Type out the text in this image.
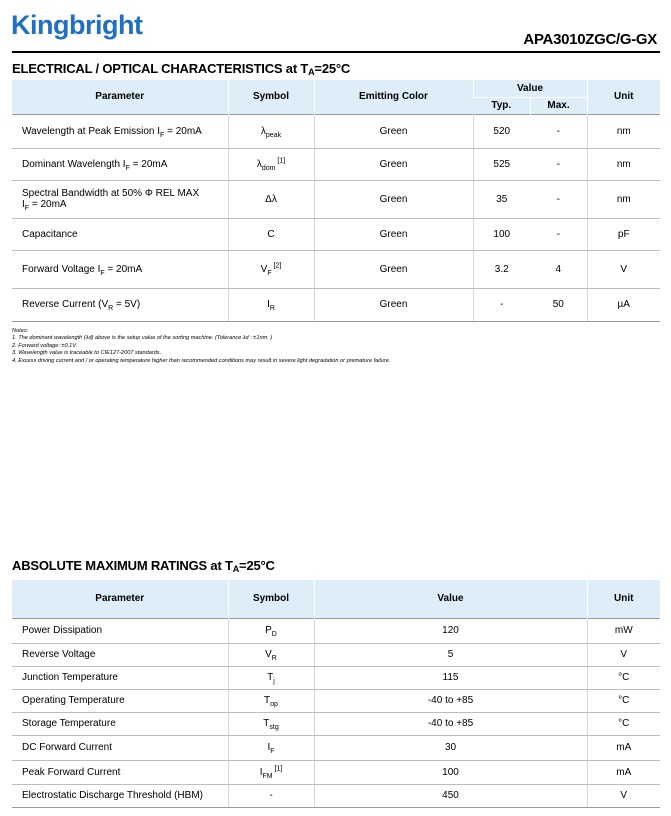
Kingbright	APA3010ZGC/G-GX
ELECTRICAL / OPTICAL CHARACTERISTICS at $T_A=25^\circ C$
Parameter	Symbol	Emitting Color	Value		Unit
			Typ.	Max.	
Wavelength at Peak Emission $I_F = 20mA$	$\lambda_{peak}$	Green	520	-	nm
Dominant Wavelength $I_F = 20mA$	$\lambda_{dom}$ [1]	Green	525	-	nm
Spectral Bandwidth at 50% Φ REL MAX
$I_F = 20mA$	Δλ	Green	35	-	nm
Capacitance	C	Green	100	-	pF
Forward Voltage $I_F = 20mA$	$V_F$ [2]	Green	3.2	4	V
Reverse Current $(V_R = 5V)$	$I_R$	Green	-	50	µA
Notes:
1. The dominant wavelength (λd) above is the setup value of the sorting machine. (Tolerance λd : ±1nm. )
2. Forward voltage: ±0.1V.
3. Wavelength value is traceable to CIE127-2007 standards.
4. Excess driving current and / or operating temperature higher than recommended conditions may result in severe light degradation or premature failure.
ABSOLUTE MAXIMUM RATINGS at $T_A=25^\circ C$
Parameter	Symbol	Value	Unit
Power Dissipation	$P_D$	120	mW
Reverse Voltage	$V_R$	5	V
Junction Temperature	$T_j$	115	°C
Operating Temperature	$T_{op}$	-40 to +85	°C
Storage Temperature	$T_{stg}$	-40 to +85	°C
DC Forward Current	$I_F$	30	mA
Peak Forward Current	$I_{FM}$ [1]	100	mA
Electrostatic Discharge Threshold (HBM)	-	450	V
